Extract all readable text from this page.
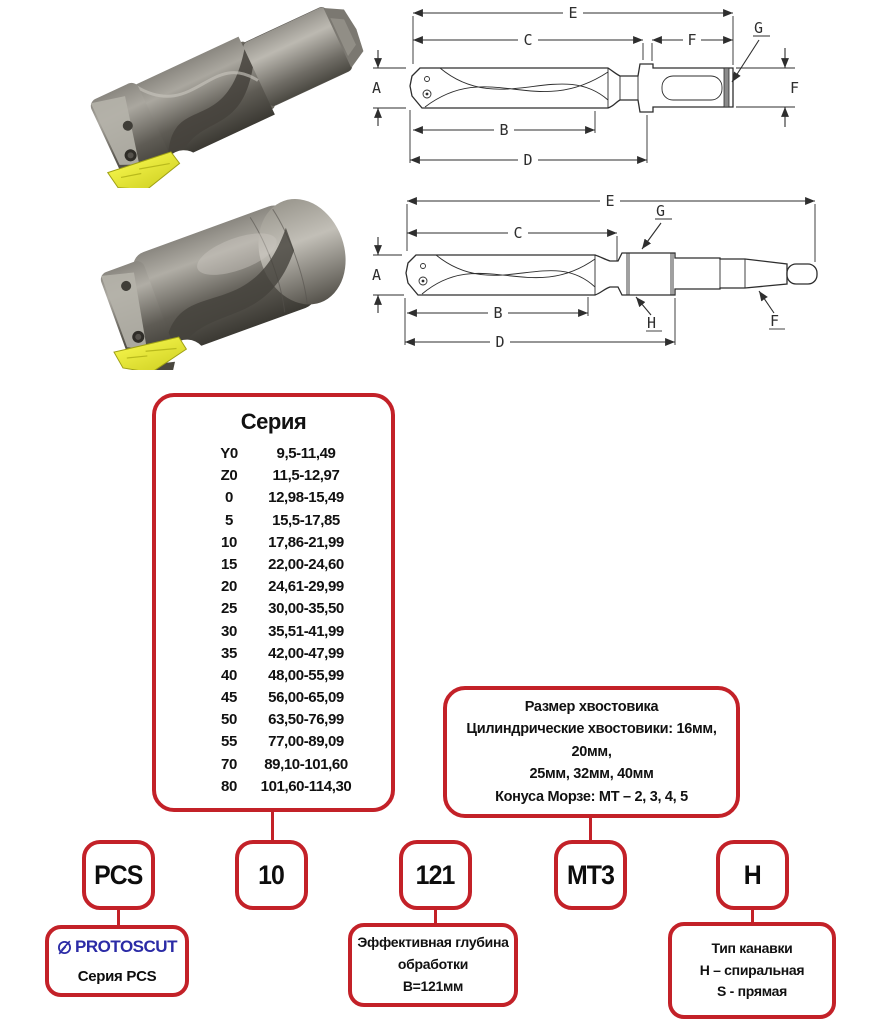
E
C	F
B
D
A	F
G
E
C
B
D
A
G
H	F
Серия
Y0	9,5-11,49
Z0	11,5-12,97
0	12,98-15,49
5	15,5-17,85
10	17,86-21,99
15	22,00-24,60
20	24,61-29,99
25	30,00-35,50
30	35,51-41,99
35	42,00-47,99
40	48,00-55,99
45	56,00-65,09
50	63,50-76,99
55	77,00-89,09
70	89,10-101,60
80	101,60-114,30
Размер хвостовика
Цилиндрические хвостовики: 16мм, 20мм,
25мм, 32мм, 40мм
Конуса Морзе: МТ – 2, 3, 4, 5
PCS	10	121	MT3	H
PROTOSCUT
Серия PCS
Эффективная глубина
обработки
B=121мм
Тип канавки
H – спиральная
S - прямая
